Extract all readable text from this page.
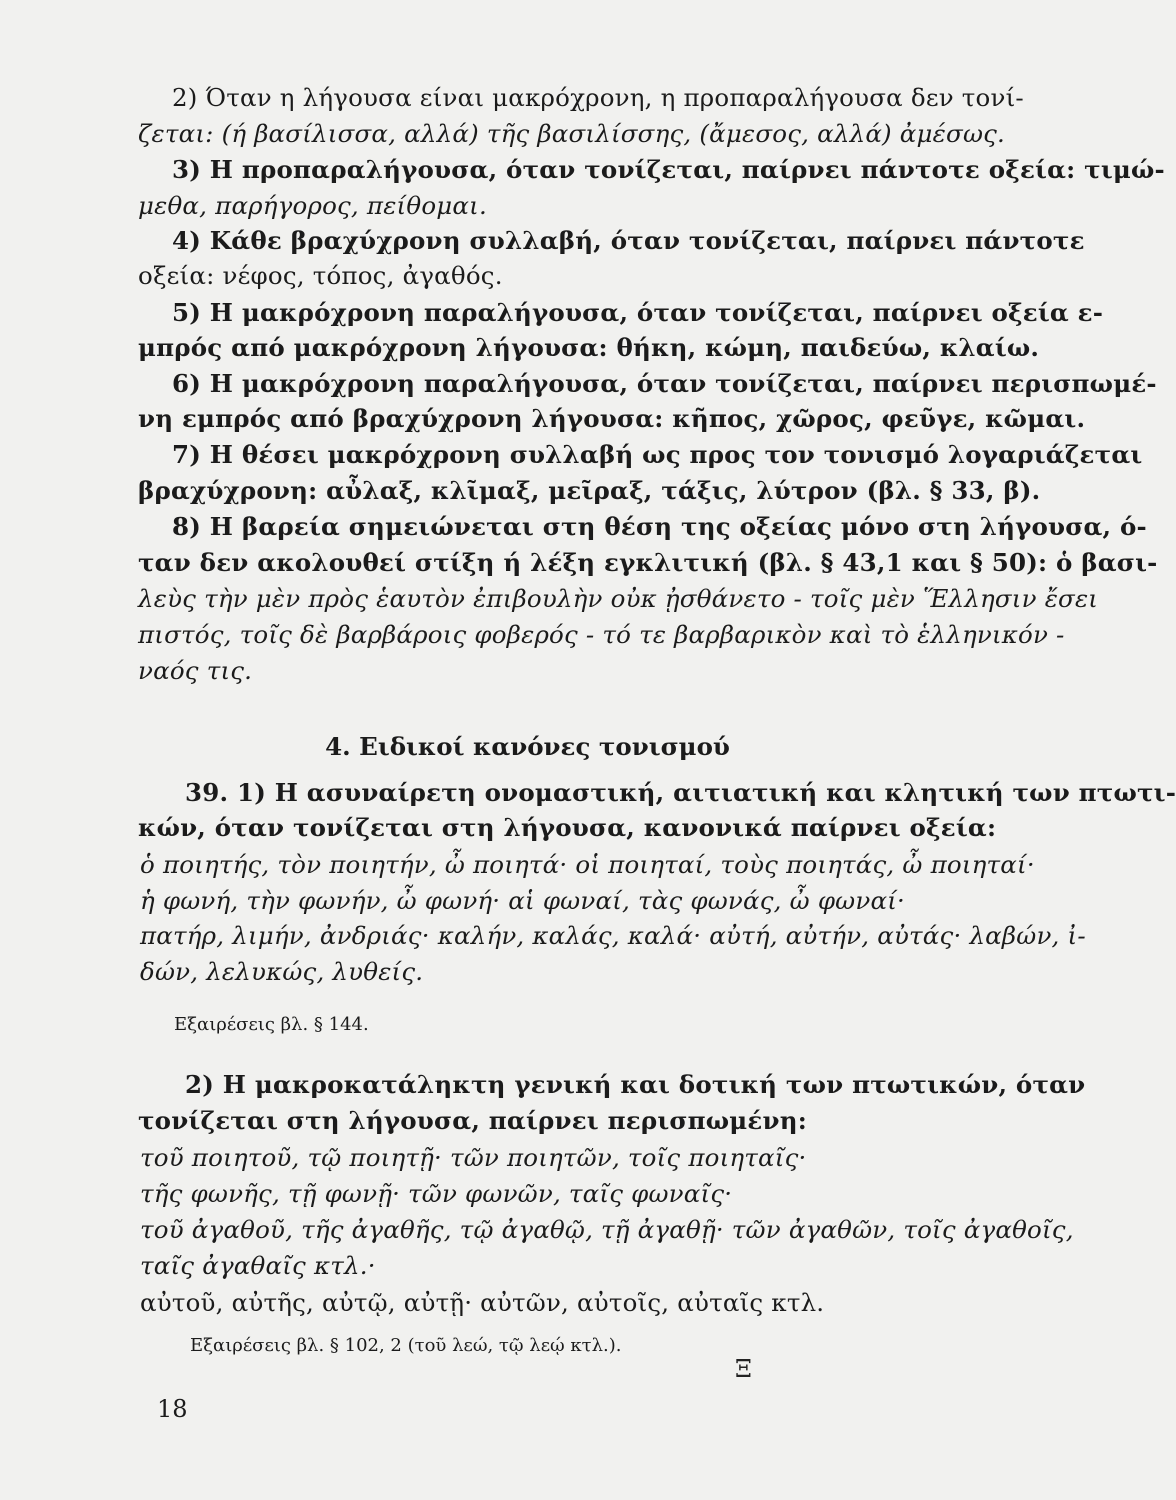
2) Όταν η λήγουσα είναι μακρόχρονη, η προπαραλήγουσα δεν τονί-
ζεται: (ή βασίλισσα, αλλά) τῆς βασιλίσσης, (ἄμεσος, αλλά) ἀμέσως.
3) Η προπαραλήγουσα, όταν τονίζεται, παίρνει πάντοτε οξεία: τιμώ-
μεθα, παρήγορος, πείθομαι.
4) Κάθε βραχύχρονη συλλαβή, όταν τονίζεται, παίρνει πάντοτε
οξεία: νέφος, τόπος, ἀγαθός.
5) Η μακρόχρονη παραλήγουσα, όταν τονίζεται, παίρνει οξεία ε-
μπρός από μακρόχρονη λήγουσα: θήκη, κώμη, παιδεύω, κλαίω.
6) Η μακρόχρονη παραλήγουσα, όταν τονίζεται, παίρνει περισπωμέ-
νη εμπρός από βραχύχρονη λήγουσα: κῆπος, χῶρος, φεῦγε, κῶμαι.
7) Η θέσει μακρόχρονη συλλαβή ως προς τον τονισμό λογαριάζεται
βραχύχρονη: αὖλαξ, κλῖμαξ, μεῖραξ, τάξις, λύτρον (βλ. § 33, β).
8) Η βαρεία σημειώνεται στη θέση της οξείας μόνο στη λήγουσα, ό-
ταν δεν ακολουθεί στίξη ή λέξη εγκλιτική (βλ. § 43,1 και § 50): ὁ βασι-
λεὺς τὴν μὲν πρὸς ἑαυτὸν ἐπιβουλὴν οὐκ ᾐσθάνετο - τοῖς μὲν Ἕλλησιν ἔσει
πιστός, τοῖς δὲ βαρβάροις φοβερός - τό τε βαρβαρικὸν καὶ τὸ ἑλληνικόν -
ναός τις.
4. Ειδικοί κανόνες τονισμού
39. 1) Η ασυναίρετη ονομαστική, αιτιατική και κλητική των πτωτι-
κών, όταν τονίζεται στη λήγουσα, κανονικά παίρνει οξεία:
ὁ ποιητής, τὸν ποιητήν, ὦ ποιητά· οἱ ποιηταί, τοὺς ποιητάς, ὦ ποιηταί·
ἡ φωνή, τὴν φωνήν, ὦ φωνή· αἱ φωναί, τὰς φωνάς, ὦ φωναί·
πατήρ, λιμήν, ἀνδριάς· καλήν, καλάς, καλά· αὐτή, αὐτήν, αὐτάς· λαβών, ἰ-
δών, λελυκώς, λυθείς.
Εξαιρέσεις βλ. § 144.
2) Η μακροκατάληκτη γενική και δοτική των πτωτικών, όταν
τονίζεται στη λήγουσα, παίρνει περισπωμένη:
τοῦ ποιητοῦ, τῷ ποιητῇ· τῶν ποιητῶν, τοῖς ποιηταῖς·
τῆς φωνῆς, τῇ φωνῇ· τῶν φωνῶν, ταῖς φωναῖς·
τοῦ ἀγαθοῦ, τῆς ἀγαθῆς, τῷ ἀγαθῷ, τῇ ἀγαθῇ· τῶν ἀγαθῶν, τοῖς ἀγαθοῖς,
ταῖς ἀγαθαῖς κτλ.·
αὐτοῦ, αὐτῆς, αὐτῷ, αὐτῇ· αὐτῶν, αὐτοῖς, αὐταῖς κτλ.
Εξαιρέσεις βλ. § 102, 2 (τοῦ λεώ, τῷ λεῴ κτλ.).
Ξ
18
